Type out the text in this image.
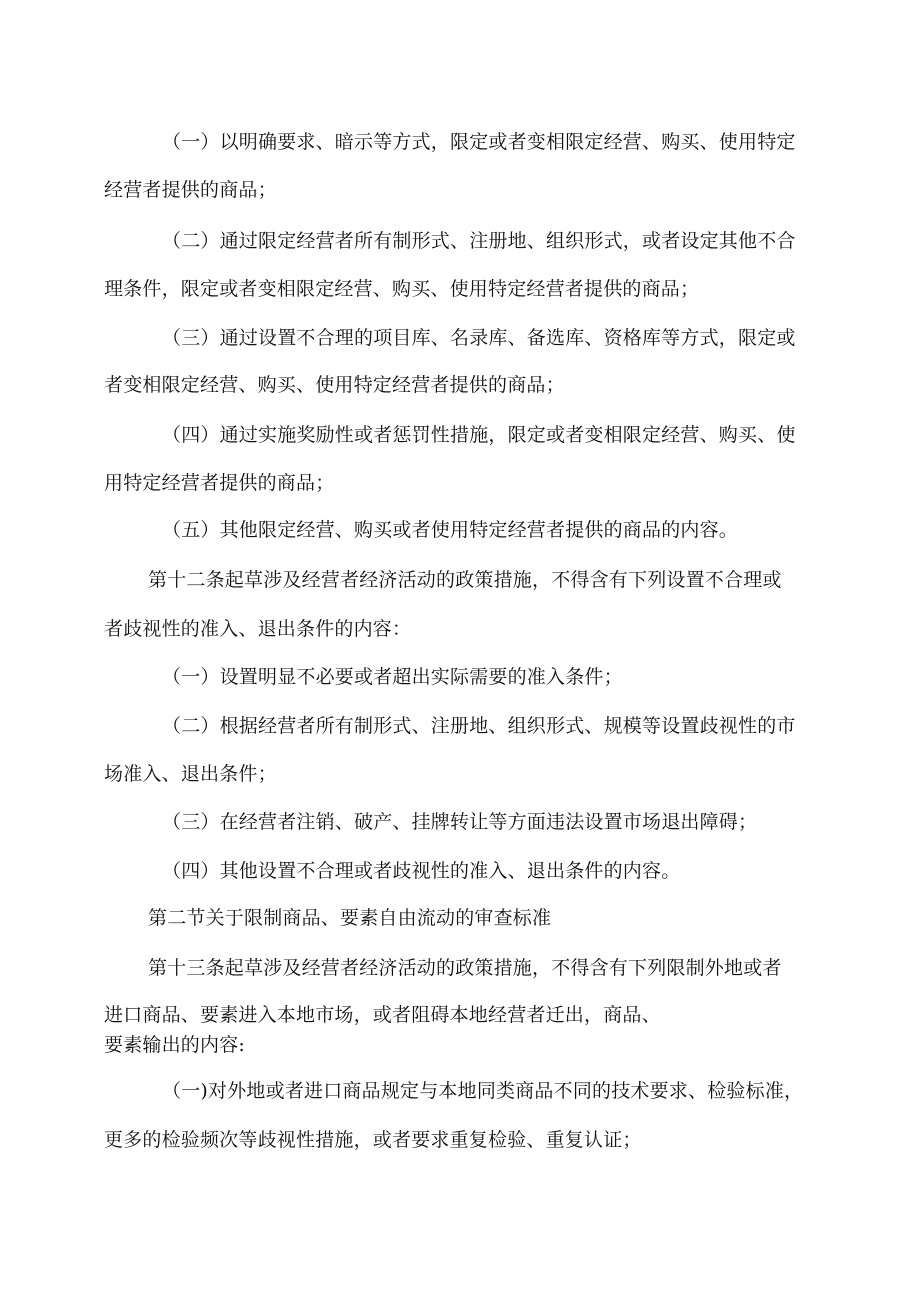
（一）以明确要求、暗示等方式，限定或者变相限定经营、购买、使用特定
经营者提供的商品；
（二）通过限定经营者所有制形式、注册地、组织形式，或者设定其他不合
理条件，限定或者变相限定经营、购买、使用特定经营者提供的商品；
（三）通过设置不合理的项目库、名录库、备选库、资格库等方式，限定或
者变相限定经营、购买、使用特定经营者提供的商品；
（四）通过实施奖励性或者惩罚性措施，限定或者变相限定经营、购买、使
用特定经营者提供的商品；
（五）其他限定经营、购买或者使用特定经营者提供的商品的内容。
第十二条起草涉及经营者经济活动的政策措施，不得含有下列设置不合理或
者歧视性的准入、退出条件的内容：
（一）设置明显不必要或者超出实际需要的准入条件；
（二）根据经营者所有制形式、注册地、组织形式、规模等设置歧视性的市
场准入、退出条件；
（三）在经营者注销、破产、挂牌转让等方面违法设置市场退出障碍；
（四）其他设置不合理或者歧视性的准入、退出条件的内容。
第二节关于限制商品、要素自由流动的审查标准
第十三条起草涉及经营者经济活动的政策措施，不得含有下列限制外地或者
进口商品、要素进入本地市场，或者阻碍本地经营者迁出，商品、
要素输出的内容:
（一)对外地或者进口商品规定与本地同类商品不同的技术要求、检验标准，
更多的检验频次等歧视性措施，或者要求重复检验、重复认证；
